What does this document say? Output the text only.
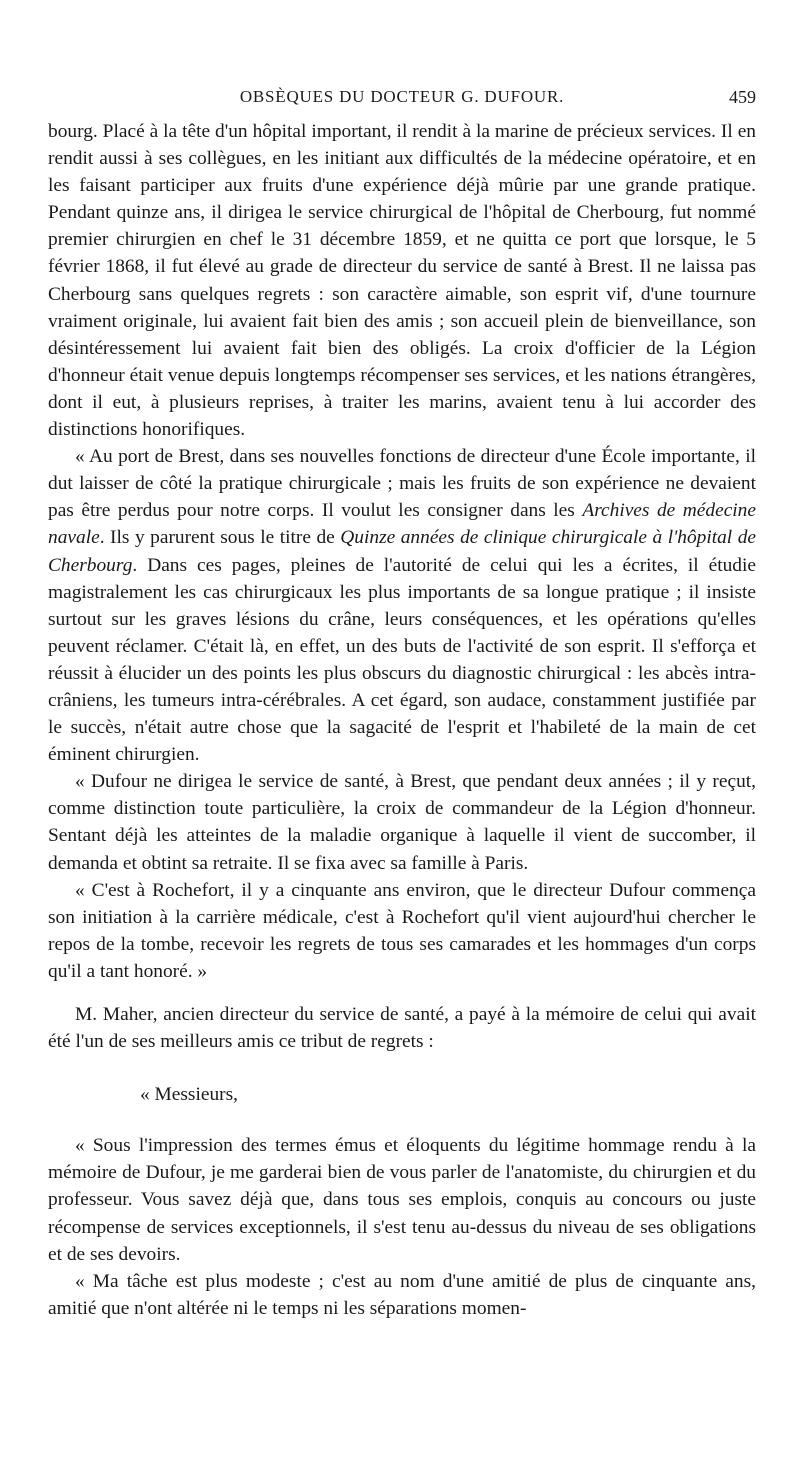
OBSÈQUES DU DOCTEUR G. DUFOUR.	459

bourg. Placé à la tête d'un hôpital important, il rendit à la marine de précieux services. Il en rendit aussi à ses collègues, en les initiant aux difficultés de la médecine opératoire, et en les faisant participer aux fruits d'une expérience déjà mûrie par une grande pratique. Pendant quinze ans, il dirigea le service chirurgical de l'hôpital de Cherbourg, fut nommé premier chirurgien en chef le 31 décembre 1859, et ne quitta ce port que lorsque, le 5 février 1868, il fut élevé au grade de directeur du service de santé à Brest. Il ne laissa pas Cherbourg sans quelques regrets : son caractère aimable, son esprit vif, d'une tournure vraiment originale, lui avaient fait bien des amis ; son accueil plein de bienveillance, son désintéressement lui avaient fait bien des obligés. La croix d'officier de la Légion d'honneur était venue depuis longtemps récompenser ses services, et les nations étrangères, dont il eut, à plusieurs reprises, à traiter les marins, avaient tenu à lui accorder des distinctions honorifiques.

« Au port de Brest, dans ses nouvelles fonctions de directeur d'une École importante, il dut laisser de côté la pratique chirurgicale ; mais les fruits de son expérience ne devaient pas être perdus pour notre corps. Il voulut les consigner dans les Archives de médecine navale. Ils y parurent sous le titre de Quinze années de clinique chirurgicale à l'hôpital de Cherbourg. Dans ces pages, pleines de l'autorité de celui qui les a écrites, il étudie magistralement les cas chirurgicaux les plus importants de sa longue pratique ; il insiste surtout sur les graves lésions du crâne, leurs conséquences, et les opérations qu'elles peuvent réclamer. C'était là, en effet, un des buts de l'activité de son esprit. Il s'efforça et réussit à élucider un des points les plus obscurs du diagnostic chirurgical : les abcès intra-crâniens, les tumeurs intra-cérébrales. A cet égard, son audace, constamment justifiée par le succès, n'était autre chose que la sagacité de l'esprit et l'habileté de la main de cet éminent chirurgien.

« Dufour ne dirigea le service de santé, à Brest, que pendant deux années ; il y reçut, comme distinction toute particulière, la croix de commandeur de la Légion d'honneur. Sentant déjà les atteintes de la maladie organique à laquelle il vient de succomber, il demanda et obtint sa retraite. Il se fixa avec sa famille à Paris.

« C'est à Rochefort, il y a cinquante ans environ, que le directeur Dufour commença son initiation à la carrière médicale, c'est à Rochefort qu'il vient aujourd'hui chercher le repos de la tombe, recevoir les regrets de tous ses camarades et les hommages d'un corps qu'il a tant honoré. »

M. Maher, ancien directeur du service de santé, a payé à la mémoire de celui qui avait été l'un de ses meilleurs amis ce tribut de regrets :

« Messieurs,

« Sous l'impression des termes émus et éloquents du légitime hommage rendu à la mémoire de Dufour, je me garderai bien de vous parler de l'anatomiste, du chirurgien et du professeur. Vous savez déjà que, dans tous ses emplois, conquis au concours ou juste récompense de services exceptionnels, il s'est tenu au-dessus du niveau de ses obligations et de ses devoirs.

« Ma tâche est plus modeste ; c'est au nom d'une amitié de plus de cinquante ans, amitié que n'ont altérée ni le temps ni les séparations momen-
